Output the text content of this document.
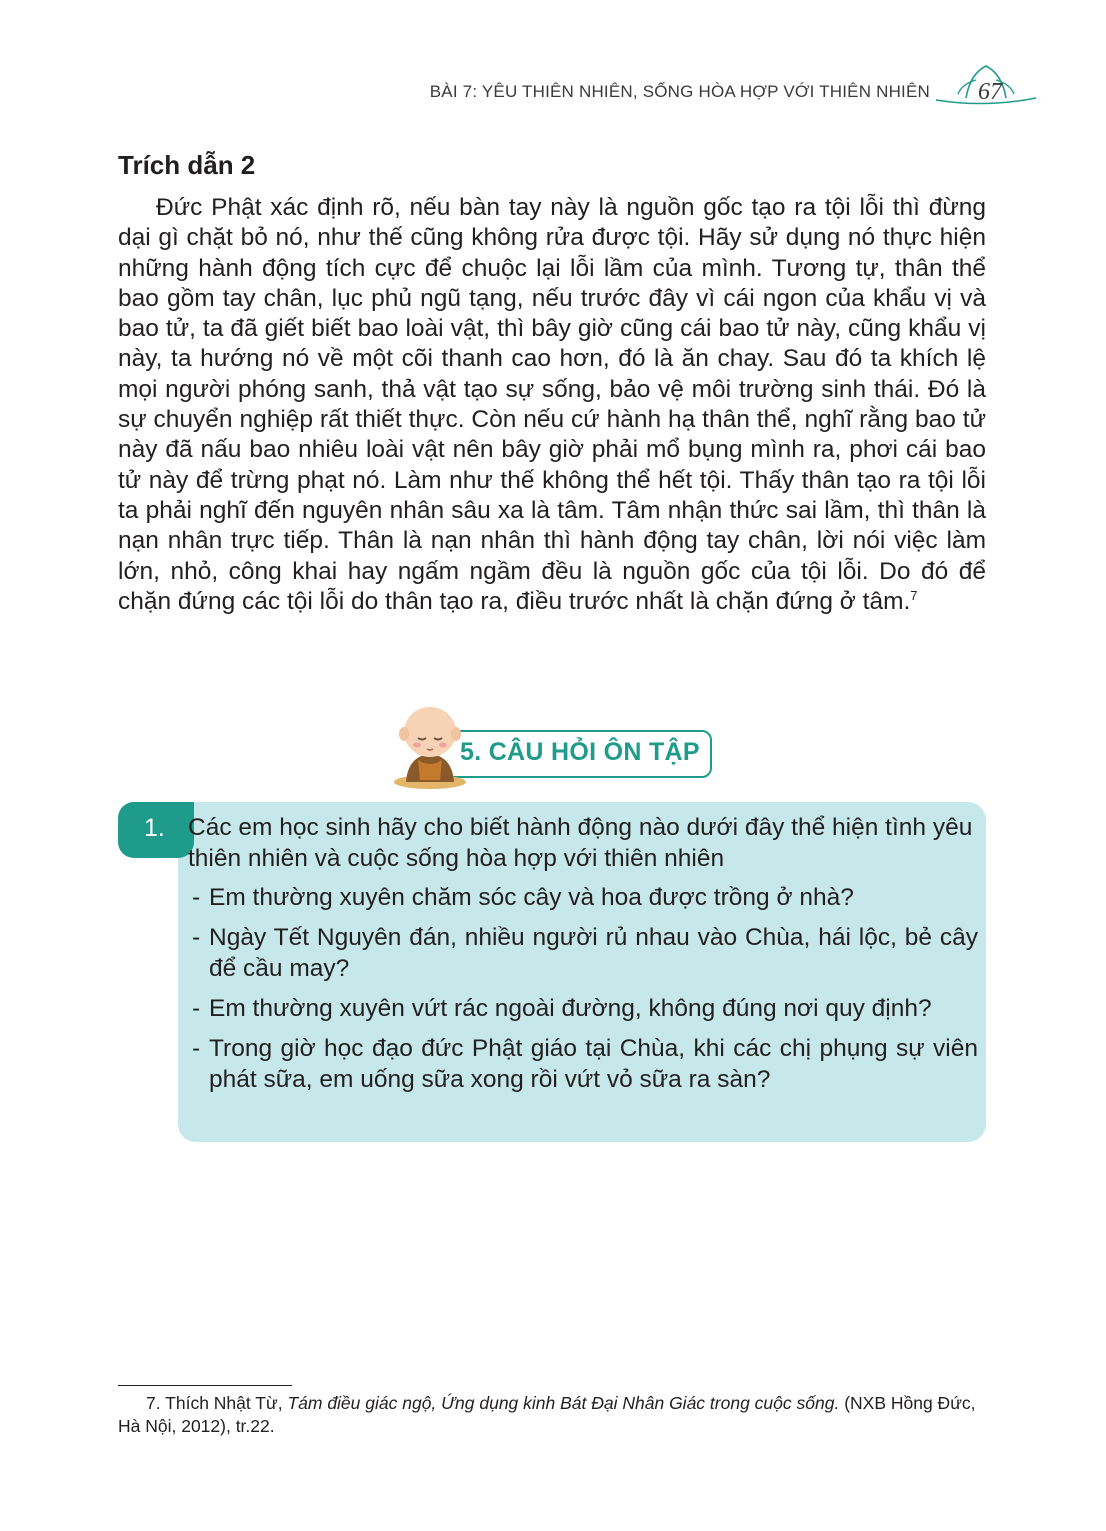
BÀI 7: YÊU THIÊN NHIÊN, SỐNG HÒA HỢP VỚI THIÊN NHIÊN 67
Trích dẫn 2

Đức Phật xác định rõ, nếu bàn tay này là nguồn gốc tạo ra tội lỗi thì đừng dại gì chặt bỏ nó, như thế cũng không rửa được tội. Hãy sử dụng nó thực hiện những hành động tích cực để chuộc lại lỗi lầm của mình. Tương tự, thân thể bao gồm tay chân, lục phủ ngũ tạng, nếu trước đây vì cái ngon của khẩu vị và bao tử, ta đã giết biết bao loài vật, thì bây giờ cũng cái bao tử này, cũng khẩu vị này, ta hướng nó về một cõi thanh cao hơn, đó là ăn chay. Sau đó ta khích lệ mọi người phóng sanh, thả vật tạo sự sống, bảo vệ môi trường sinh thái. Đó là sự chuyển nghiệp rất thiết thực. Còn nếu cứ hành hạ thân thể, nghĩ rằng bao tử này đã nấu bao nhiêu loài vật nên bây giờ phải mổ bụng mình ra, phơi cái bao tử này để trừng phạt nó. Làm như thế không thể hết tội. Thấy thân tạo ra tội lỗi ta phải nghĩ đến nguyên nhân sâu xa là tâm. Tâm nhận thức sai lầm, thì thân là nạn nhân trực tiếp. Thân là nạn nhân thì hành động tay chân, lời nói việc làm lớn, nhỏ, công khai hay ngấm ngầm đều là nguồn gốc của tội lỗi. Do đó để chặn đứng các tội lỗi do thân tạo ra, điều trước nhất là chặn đứng ở tâm.$^7$

5. CÂU HỎI ÔN TẬP
1. Các em học sinh hãy cho biết hành động nào dưới đây thể hiện tình yêu thiên nhiên và cuộc sống hòa hợp với thiên nhiên

- Em thường xuyên chăm sóc cây và hoa được trồng ở nhà?
- Ngày Tết Nguyên đán, nhiều người rủ nhau vào Chùa, hái lộc, bẻ cây để cầu may?
- Em thường xuyên vứt rác ngoài đường, không đúng nơi quy định?
- Trong giờ học đạo đức Phật giáo tại Chùa, khi các chị phụng sự viên phát sữa, em uống sữa xong rồi vứt vỏ sữa ra sàn?

7. Thích Nhật Từ, Tám điều giác ngộ, Ứng dụng kinh Bát Đại Nhân Giác trong cuộc sống. (NXB Hồng Đức, Hà Nội, 2012), tr.22.
